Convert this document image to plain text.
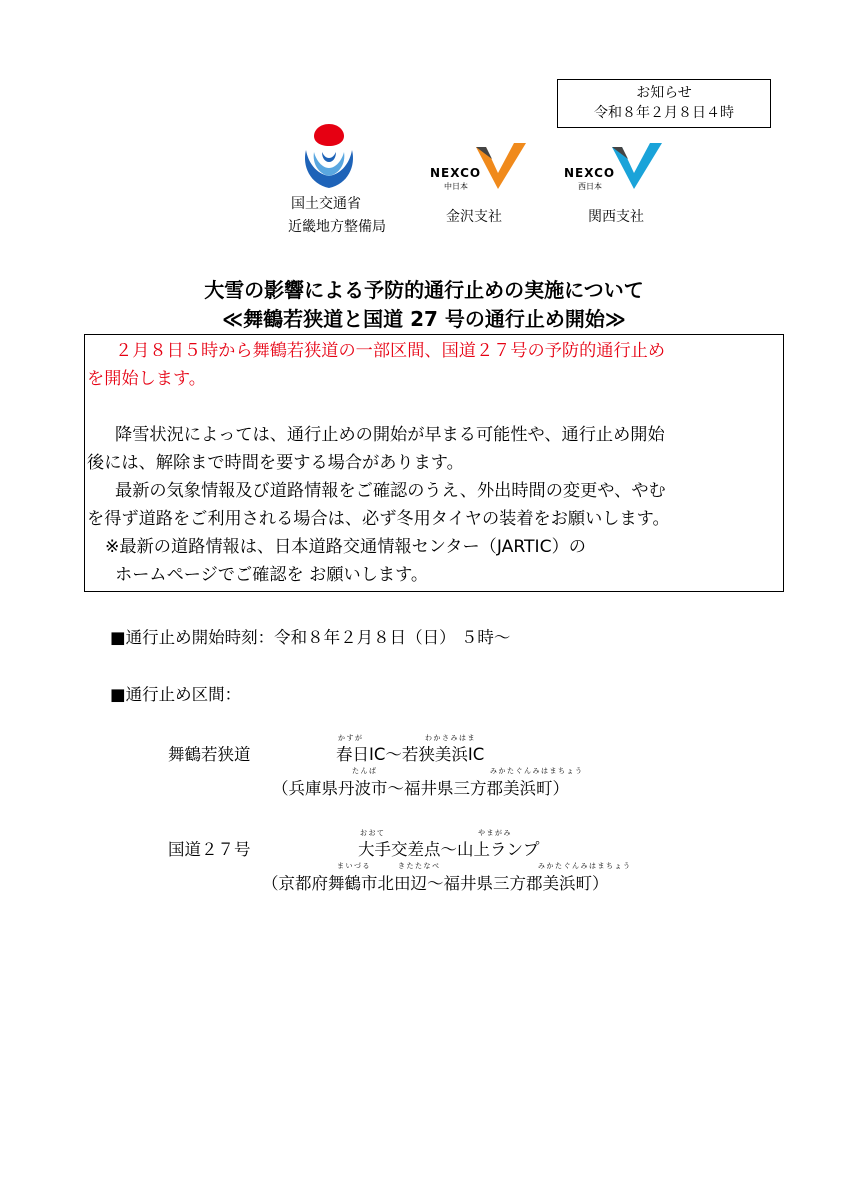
お知らせ
令和８年２月８日４時
国土交通省
近畿地方整備局
NEXCO
中日本
金沢支社
NEXCO
西日本
関西支社
大雪の影響による予防的通行止めの実施について
≪舞鶴若狭道と国道 27 号の通行止め開始≫
２月８日５時から舞鶴若狭道の一部区間、国道２７号の予防的通行止め
を開始します。
降雪状況によっては、通行止めの開始が早まる可能性や、通行止め開始
後には、解除まで時間を要する場合があります。
最新の気象情報及び道路情報をご確認のうえ、外出時間の変更や、やむ
を得ず道路をご利用される場合は、必ず冬用タイヤの装着をお願いします。
※最新の道路情報は、日本道路交通情報センター（JARTIC）の
ホームページでご確認を お願いします。
■通行止め開始時刻：令和８年２月８日（日） ５時～
■通行止め区間：
舞鶴若狭道
かすが	わかさみはま
春日IC～若狭美浜IC
たんば	みかたぐんみはまちょう
（兵庫県丹波市～福井県三方郡美浜町）
国道２７号
おおて	やまがみ
大手交差点～山上ランプ
まいづる	きたたなべ	みかたぐんみはまちょう
（京都府舞鶴市北田辺～福井県三方郡美浜町）
